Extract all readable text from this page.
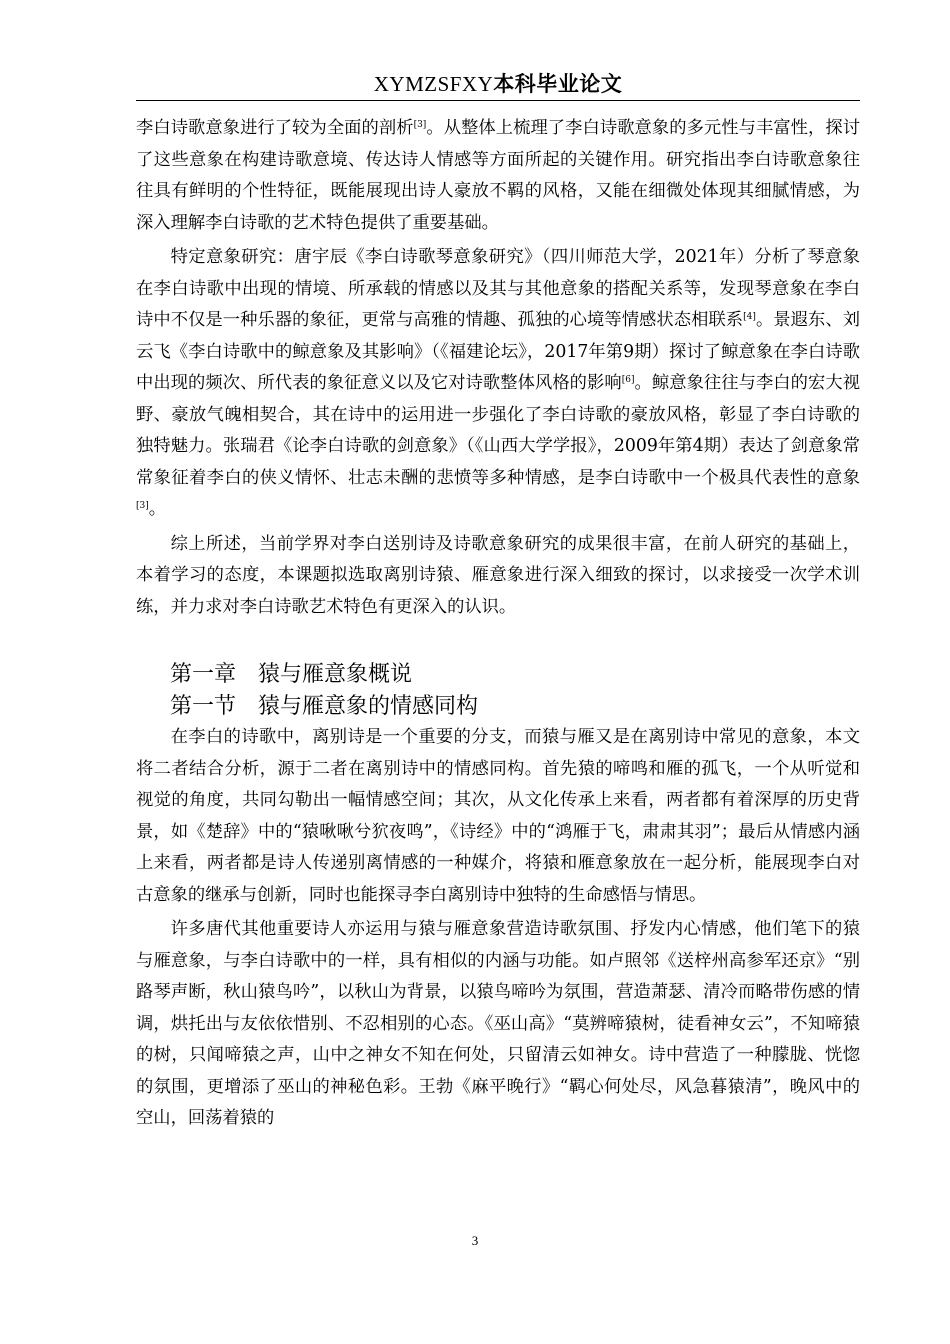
XYMZSFXY本科毕业论文

李白诗歌意象进行了较为全面的剖析[3]。从整体上梳理了李白诗歌意象的多元性与丰富性，探讨了这些意象在构建诗歌意境、传达诗人情感等方面所起的关键作用。研究指出李白诗歌意象往往具有鲜明的个性特征，既能展现出诗人豪放不羁的风格，又能在细微处体现其细腻情感，为深入理解李白诗歌的艺术特色提供了重要基础。

特定意象研究：唐宇辰《李白诗歌琴意象研究》（四川师范大学，2021年）分析了琴意象在李白诗歌中出现的情境、所承载的情感以及其与其他意象的搭配关系等，发现琴意象在李白诗中不仅是一种乐器的象征，更常与高雅的情趣、孤独的心境等情感状态相联系[4]。景遐东、刘云飞《李白诗歌中的鲸意象及其影响》（《福建论坛》，2017年第9期）探讨了鲸意象在李白诗歌中出现的频次、所代表的象征意义以及它对诗歌整体风格的影响[6]。鲸意象往往与李白的宏大视野、豪放气魄相契合，其在诗中的运用进一步强化了李白诗歌的豪放风格，彰显了李白诗歌的独特魅力。张瑞君《论李白诗歌的剑意象》（《山西大学学报》，2009年第4期）表达了剑意象常常象征着李白的侠义情怀、壮志未酬的悲愤等多种情感，是李白诗歌中一个极具代表性的意象[3]。

综上所述，当前学界对李白送别诗及诗歌意象研究的成果很丰富，在前人研究的基础上，本着学习的态度，本课题拟选取离别诗猿、雁意象进行深入细致的探讨，以求接受一次学术训练，并力求对李白诗歌艺术特色有更深入的认识。

第一章 猿与雁意象概说
第一节 猿与雁意象的情感同构

在李白的诗歌中，离别诗是一个重要的分支，而猿与雁又是在离别诗中常见的意象，本文将二者结合分析，源于二者在离别诗中的情感同构。首先猿的啼鸣和雁的孤飞，一个从听觉和视觉的角度，共同勾勒出一幅情感空间；其次，从文化传承上来看，两者都有着深厚的历史背景，如《楚辞》中的“猿啾啾兮狖夜鸣”，《诗经》中的“鸿雁于飞，肃肃其羽”；最后从情感内涵上来看，两者都是诗人传递别离情感的一种媒介，将猿和雁意象放在一起分析，能展现李白对古意象的继承与创新，同时也能探寻李白离别诗中独特的生命感悟与情思。

许多唐代其他重要诗人亦运用与猿与雁意象营造诗歌氛围、抒发内心情感，他们笔下的猿与雁意象，与李白诗歌中的一样，具有相似的内涵与功能。如卢照邻《送梓州高参军还京》“别路琴声断，秋山猿鸟吟”，以秋山为背景，以猿鸟啼吟为氛围，营造萧瑟、清冷而略带伤感的情调，烘托出与友依依惜别、不忍相别的心态。《巫山高》“莫辨啼猿树，徒看神女云”，不知啼猿的树，只闻啼猿之声，山中之神女不知在何处，只留清云如神女。诗中营造了一种朦胧、恍惚的氛围，更增添了巫山的神秘色彩。王勃《麻平晚行》“羁心何处尽，风急暮猿清”，晚风中的空山，回荡着猿的

3
